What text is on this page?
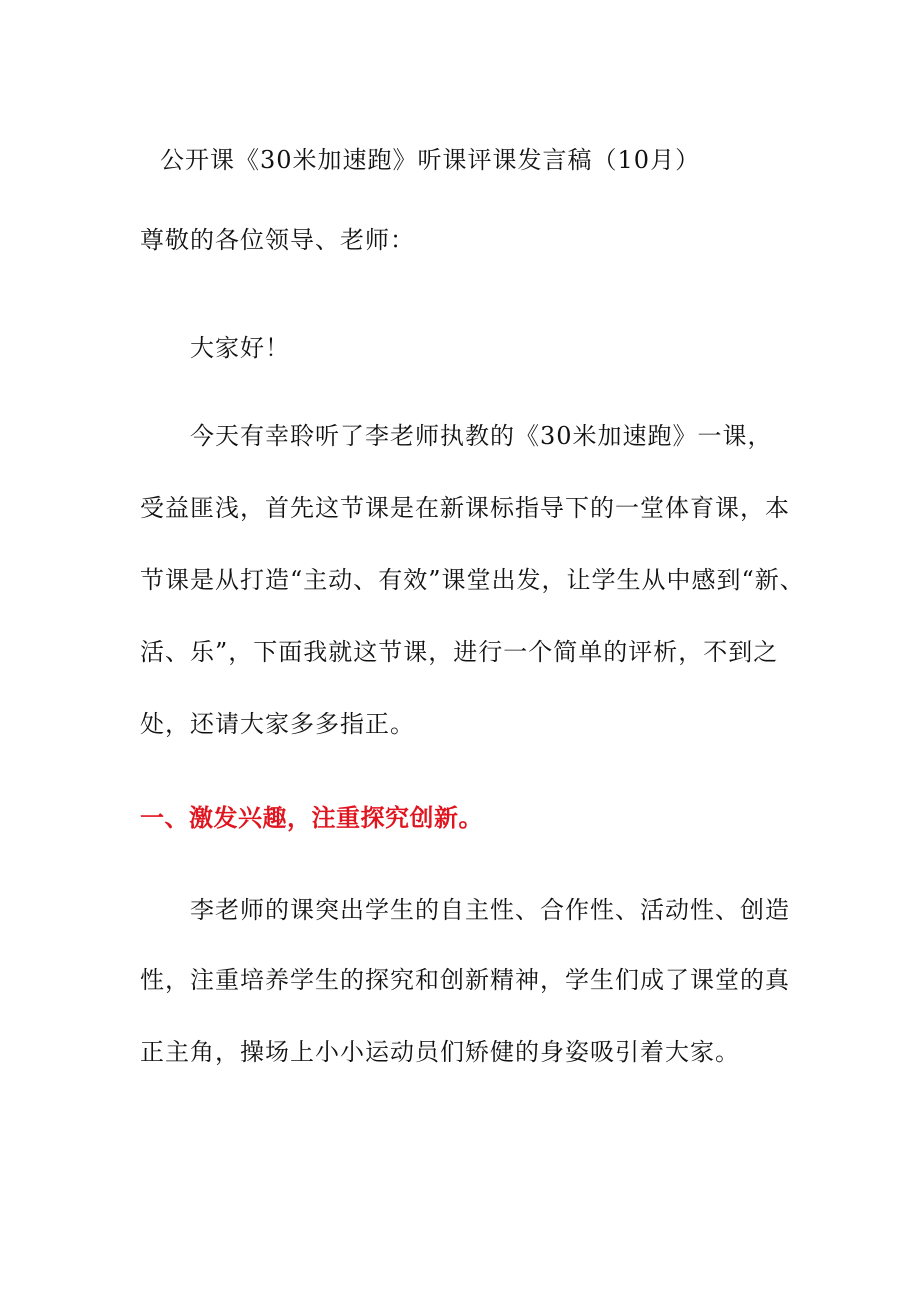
公开课《30米加速跑》听课评课发言稿（10月）
尊敬的各位领导、老师：
大家好！
今天有幸聆听了李老师执教的《30米加速跑》一课，
受益匪浅，首先这节课是在新课标指导下的一堂体育课，本
节课是从打造“主动、有效”课堂出发，让学生从中感到“新、
活、乐”，下面我就这节课，进行一个简单的评析，不到之
处，还请大家多多指正。
一、激发兴趣，注重探究创新。
李老师的课突出学生的自主性、合作性、活动性、创造
性，注重培养学生的探究和创新精神，学生们成了课堂的真
正主角，操场上小小运动员们矫健的身姿吸引着大家。
